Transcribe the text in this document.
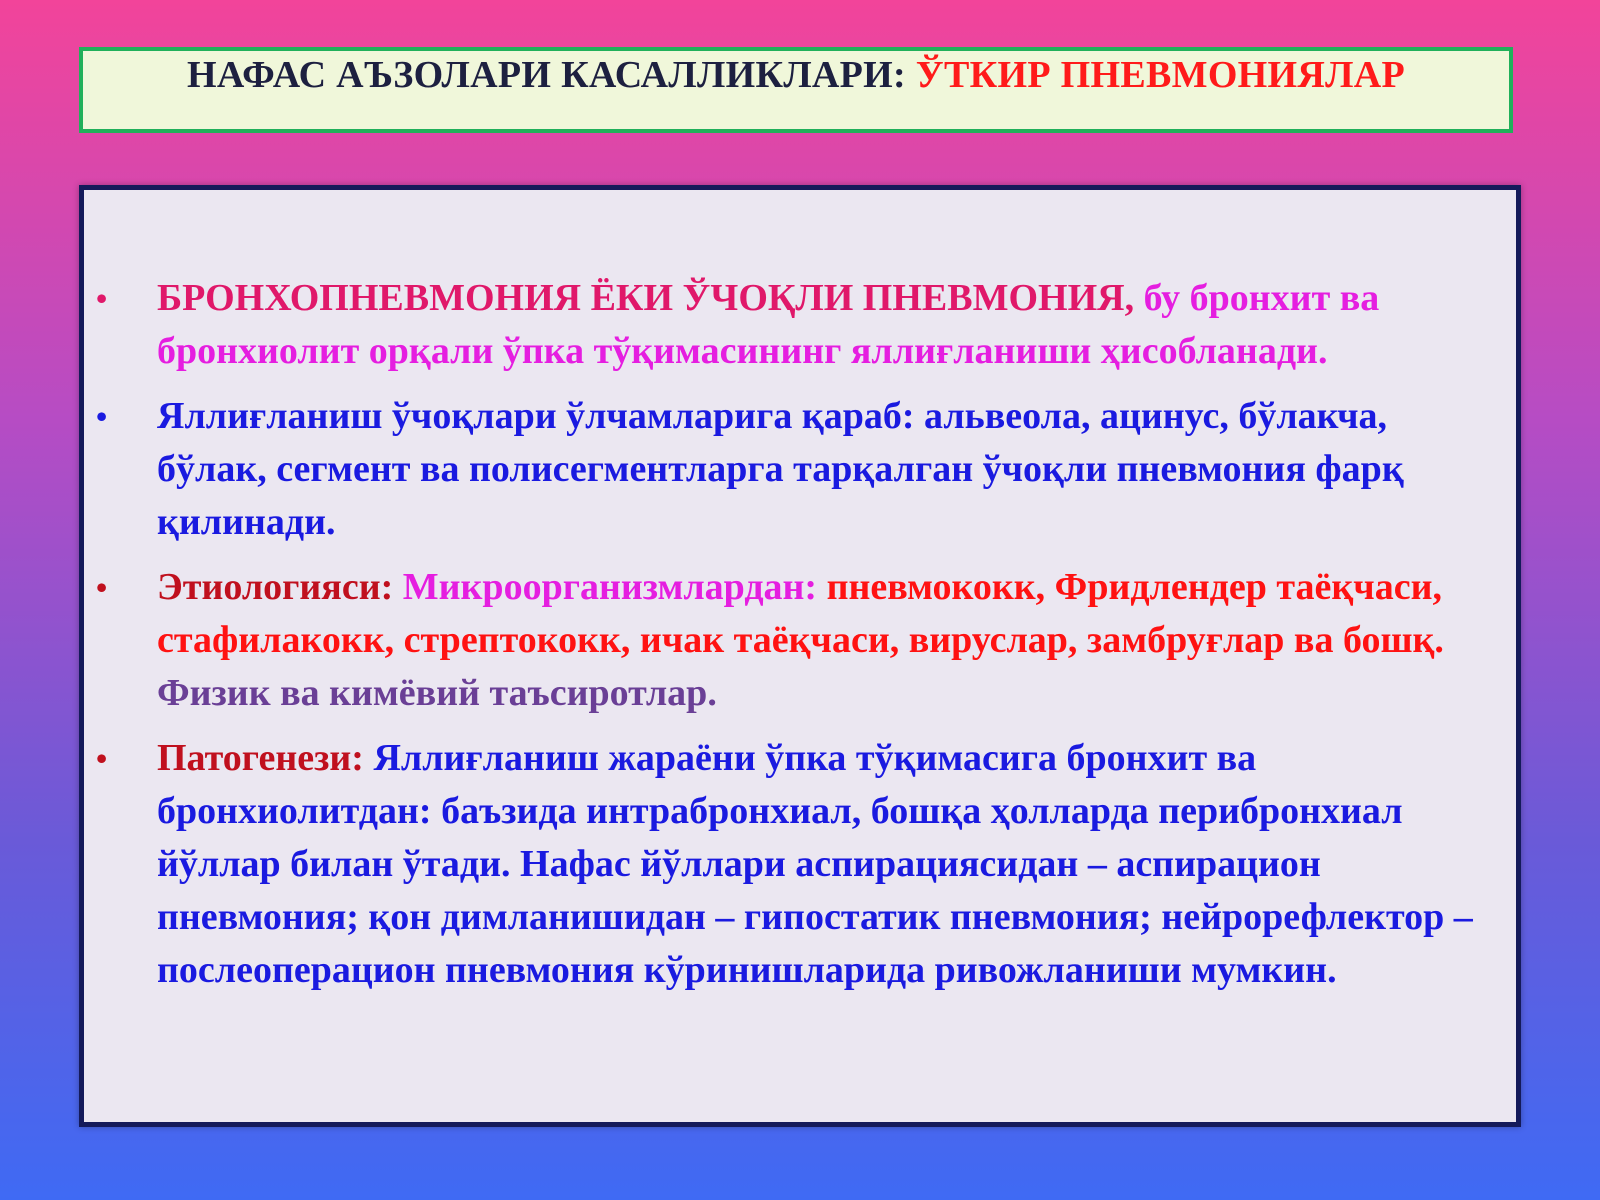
НАФАС АЪЗОЛАРИ КАСАЛЛИКЛАРИ: ЎТКИР ПНЕВМОНИЯЛАР
• БРОНХОПНЕВМОНИЯ ЁКИ ЎЧОҚЛИ ПНЕВМОНИЯ, бу бронхит ва бронхиолит орқали ўпка тўқимасининг яллиғланиши ҳисобланади.
• Яллиғланиш ўчоқлари ўлчамларига қараб: альвеола, ацинус, бўлакча, бўлак, сегмент ва полисегментларга тарқалган ўчоқли пневмония фарқ қилинади.
• Этиологияси: Микроорганизмлардан: пневмококк, Фридлендер таёқчаси, стафилакокк, стрептококк, ичак таёқчаси, вируслар, замбруғлар ва бошқ. Физик ва кимёвий таъсиротлар.
• Патогенези: Яллиғланиш жараёни ўпка тўқимасига бронхит ва бронхиолитдан: баъзида интрабронхиал, бошқа ҳолларда перибронхиал йўллар билан ўтади. Нафас йўллари аспирациясидан – аспирацион пневмония; қон димланишидан – гипостатик пневмония; нейрорефлектор – послеоперацион пневмония кўринишларида ривожланиши мумкин.
